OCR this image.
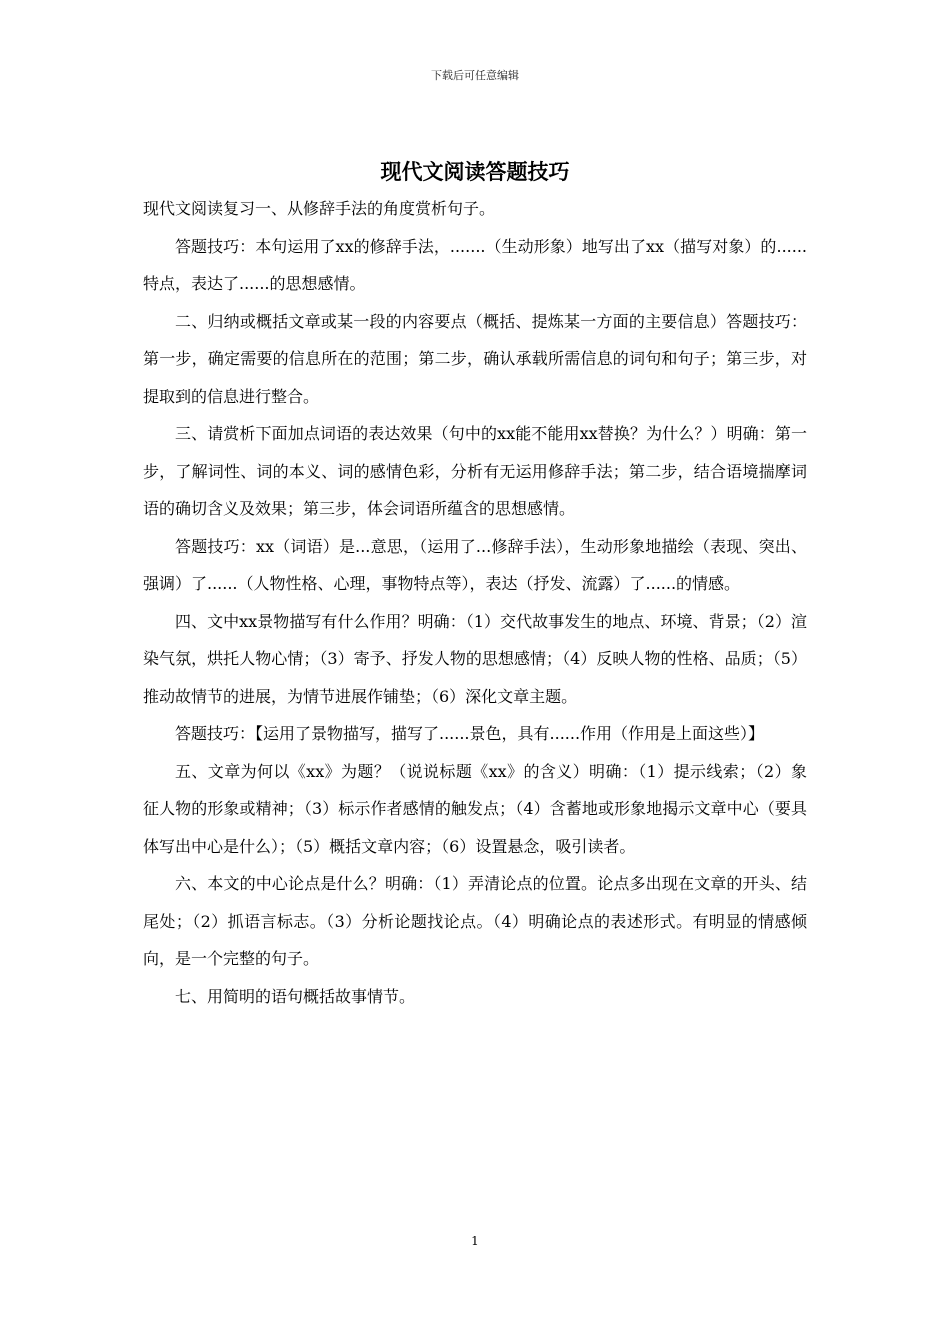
下载后可任意编辑
现代文阅读答题技巧

现代文阅读复习一、从修辞手法的角度赏析句子。

答题技巧：本句运用了xx的修辞手法，.......（生动形象）地写出了xx（描写对象）的......特点，表达了......的思想感情。

二、归纳或概括文章或某一段的内容要点（概括、提炼某一方面的主要信息）答题技巧：第一步，确定需要的信息所在的范围；第二步，确认承载所需信息的词句和句子；第三步，对提取到的信息进行整合。

三、请赏析下面加点词语的表达效果（句中的xx能不能用xx替换？为什么？）明确：第一步，了解词性、词的本义、词的感情色彩，分析有无运用修辞手法；第二步，结合语境揣摩词语的确切含义及效果；第三步，体会词语所蕴含的思想感情。

答题技巧：xx（词语）是...意思，（运用了...修辞手法），生动形象地描绘（表现、突出、强调）了......（人物性格、心理，事物特点等），表达（抒发、流露）了......的情感。

四、文中xx景物描写有什么作用？明确：（1）交代故事发生的地点、环境、背景；（2）渲染气氛，烘托人物心情；（3）寄予、抒发人物的思想感情；（4）反映人物的性格、品质；（5）推动故情节的进展，为情节进展作铺垫；（6）深化文章主题。

答题技巧：【运用了景物描写，描写了......景色，具有......作用（作用是上面这些）】

五、文章为何以《xx》为题？（说说标题《xx》的含义）明确：（1）提示线索；（2）象征人物的形象或精神；（3）标示作者感情的触发点；（4）含蓄地或形象地揭示文章中心（要具体写出中心是什么）；（5）概括文章内容；（6）设置悬念，吸引读者。

六、本文的中心论点是什么？明确：（1）弄清论点的位置。论点多出现在文章的开头、结尾处；（2）抓语言标志。（3）分析论题找论点。（4）明确论点的表述形式。有明显的情感倾向，是一个完整的句子。

七、用简明的语句概括故事情节。

1
